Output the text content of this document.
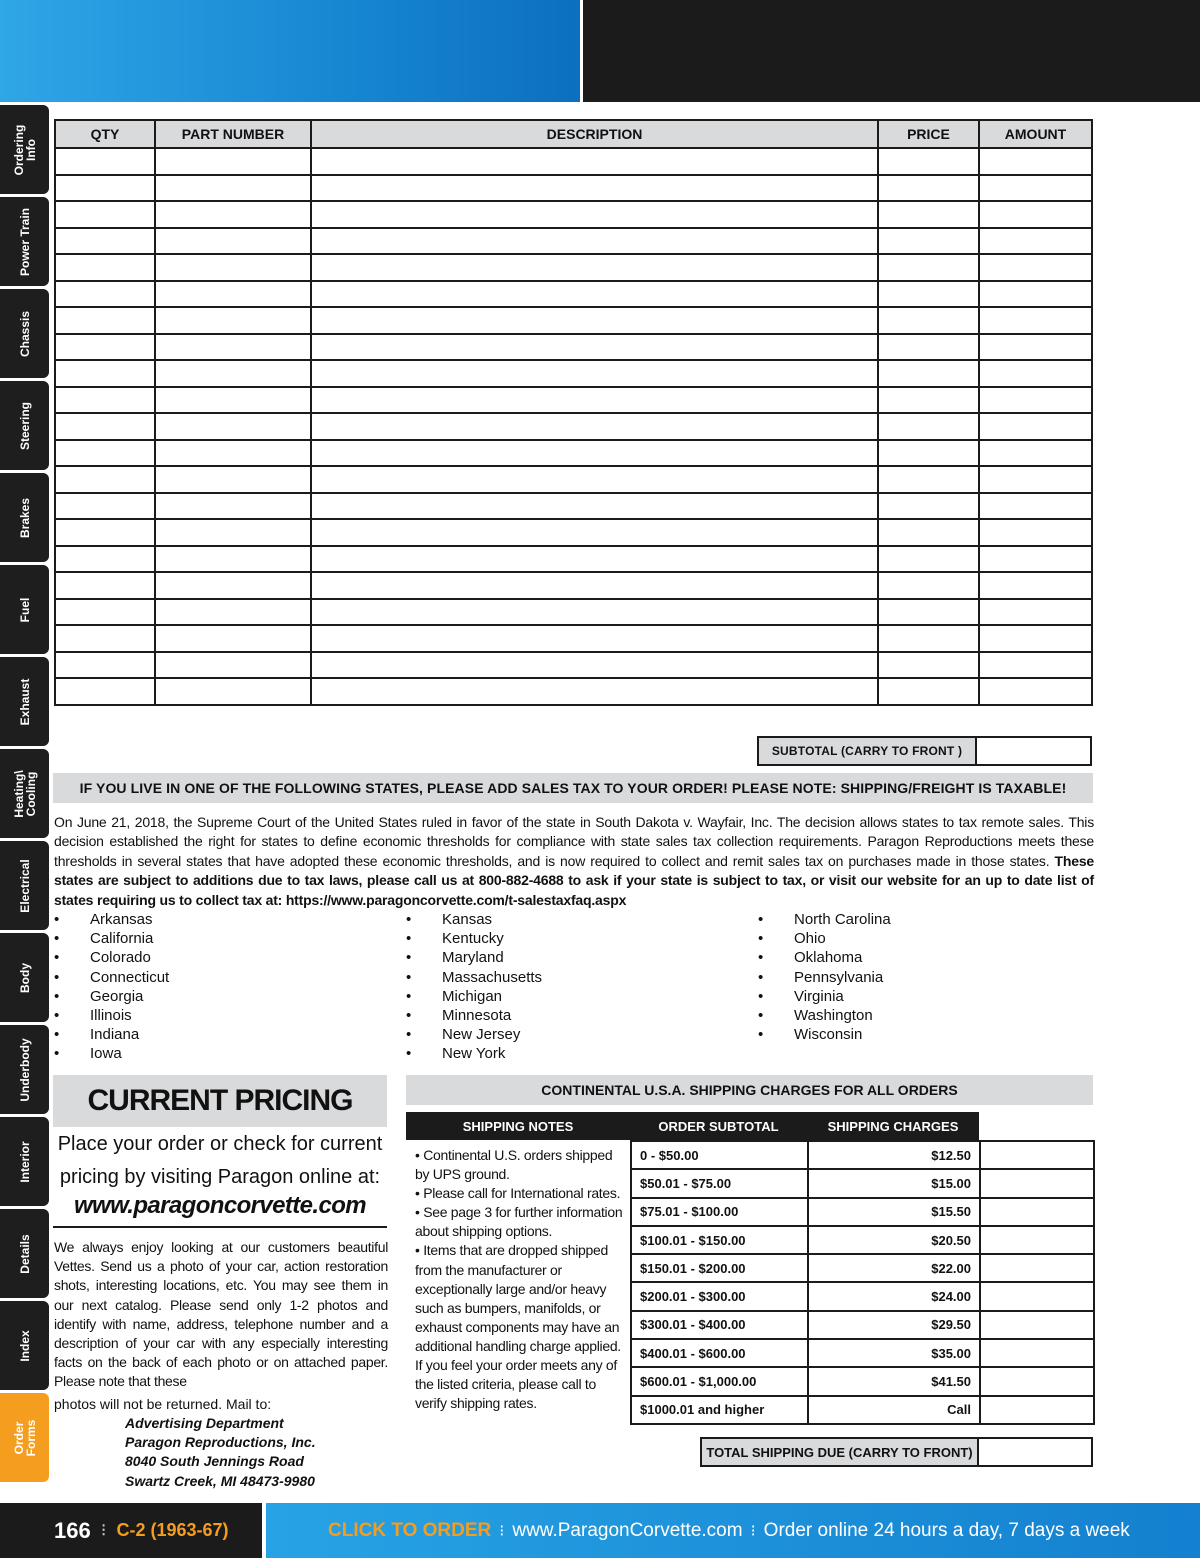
Ordering
Info
Power Train
Chassis
Steering
Brakes
Fuel
Exhaust
Heating\
Cooling
Electrical
Body
Underbody
Interior
Details
Index
Order
Forms
QTY	PART NUMBER	DESCRIPTION	PRICE	AMOUNT

SUBTOTAL (CARRY TO FRONT )
IF YOU LIVE IN ONE OF THE FOLLOWING STATES, PLEASE ADD SALES TAX TO YOUR ORDER! PLEASE NOTE: SHIPPING/FREIGHT IS TAXABLE!
On June 21, 2018, the Supreme Court of the United States ruled in favor of the state in South Dakota v. Wayfair, Inc. The decision allows states to tax remote sales. This decision established the right for states to define economic thresholds for compliance with state sales tax collection requirements. Paragon Reproductions meets these thresholds in several states that have adopted these economic thresholds, and is now required to collect and remit sales tax on purchases made in those states. These states are subject to additions due to tax laws, please call us at 800-882-4688 to ask if your state is subject to tax, or visit our website for an up to date list of states requiring us to collect tax at: https://www.paragoncorvette.com/t-salestaxfaq.aspx
•	Arkansas
•	California
•	Colorado
•	Connecticut
•	Georgia
•	Illinois
•	Indiana
•	Iowa
•	Kansas
•	Kentucky
•	Maryland
•	Massachusetts
•	Michigan
•	Minnesota
•	New Jersey
•	New York
•	North Carolina
•	Ohio
•	Oklahoma
•	Pennsylvania
•	Virginia
•	Washington
•	Wisconsin
CURRENT PRICING
Place your order or check for current
pricing by visiting Paragon online at:
www.paragoncorvette.com
We always enjoy looking at our customers beautiful Vettes. Send us a photo of your car, action restoration shots, interesting locations, etc. You may see them in our next catalog. Please send only 1-2 photos and identify with name, address, telephone number and a description of your car with any especially interesting facts on the back of each photo or on attached paper. Please note that these
photos will not be returned. Mail to:
Advertising Department
Paragon Reproductions, Inc.
8040 South Jennings Road
Swartz Creek, MI 48473-9980
CONTINENTAL U.S.A. SHIPPING CHARGES FOR ALL ORDERS
SHIPPING NOTES	ORDER SUBTOTAL	SHIPPING CHARGES
• Continental U.S. orders shipped by UPS ground.
• Please call for International rates.
• See page 3 for further information about shipping options.
• Items that are dropped shipped from the manufacturer or exceptionally large and/or heavy such as bumpers, manifolds, or exhaust components may have an additional handling charge applied. If you feel your order meets any of the listed criteria, please call to verify shipping rates.
0 - $50.00	$12.50	
$50.01 - $75.00	$15.00	
$75.01 - $100.00	$15.50	
$100.01 - $150.00	$20.50	
$150.01 - $200.00	$22.00	
$200.01 - $300.00	$24.00	
$300.01 - $400.00	$29.50	
$400.01 - $600.00	$35.00	
$600.01 - $1,000.00	$41.50	
$1000.01 and higher	Call	
TOTAL SHIPPING DUE (CARRY TO FRONT)
166 ⁝ C-2 (1963-67)	CLICK TO ORDER ⁝ www.ParagonCorvette.com ⁝ Order online 24 hours a day, 7 days a week
